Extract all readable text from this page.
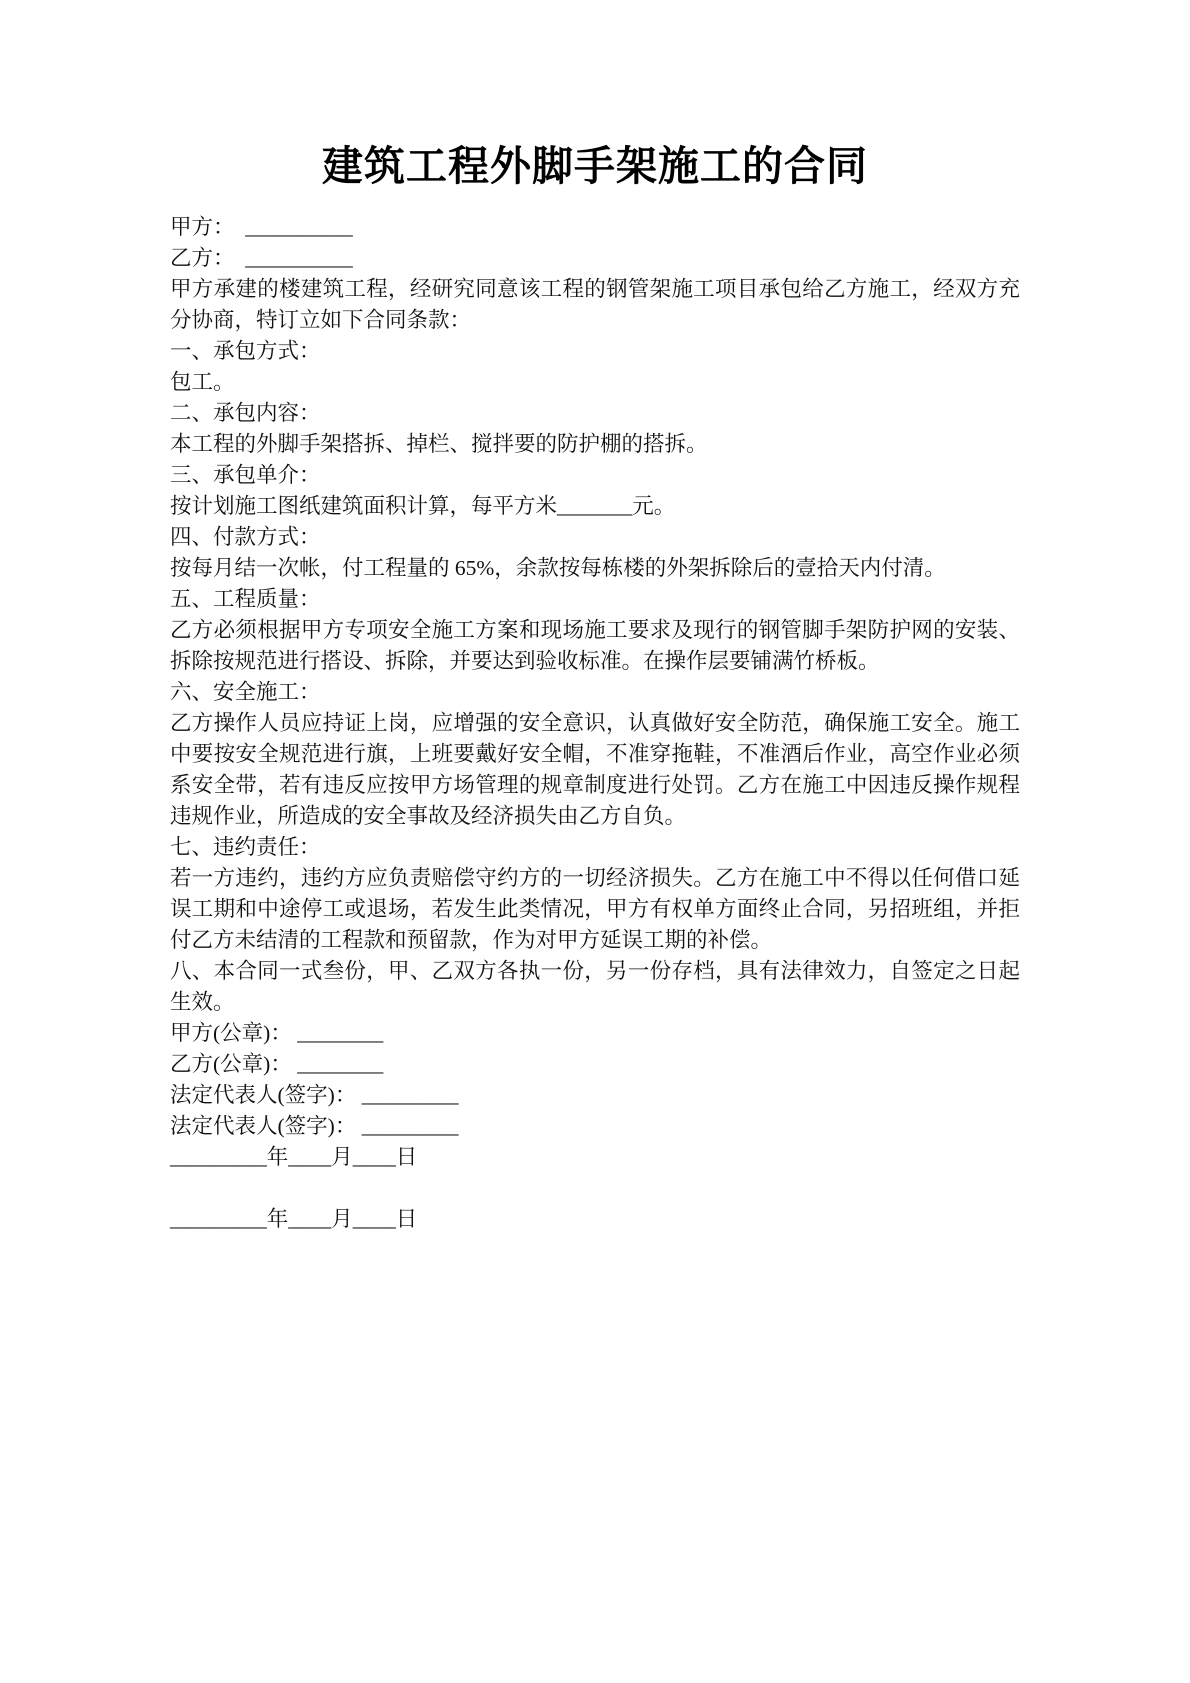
建筑工程外脚手架施工的合同

甲方：  __________

乙方：  __________

甲方承建的楼建筑工程，经研究同意该工程的钢管架施工项目承包给乙方施工，经双方充分协商，特订立如下合同条款：

一、承包方式：

包工。

二、承包内容：

本工程的外脚手架搭拆、掉栏、搅拌要的防护棚的搭拆。

三、承包单介：

按计划施工图纸建筑面积计算，每平方米_______元。

四、付款方式：

按每月结一次帐，付工程量的 65%，余款按每栋楼的外架拆除后的壹拾天内付清。

五、工程质量：

乙方必须根据甲方专项安全施工方案和现场施工要求及现行的钢管脚手架防护网的安装、拆除按规范进行搭设、拆除，并要达到验收标准。在操作层要铺满竹桥板。

六、安全施工：

乙方操作人员应持证上岗，应增强的安全意识，认真做好安全防范，确保施工安全。施工中要按安全规范进行旗，上班要戴好安全帽，不准穿拖鞋，不准酒后作业，高空作业必须系安全带，若有违反应按甲方场管理的规章制度进行处罚。乙方在施工中因违反操作规程违规作业，所造成的安全事故及经济损失由乙方自负。

七、违约责任：

若一方违约，违约方应负责赔偿守约方的一切经济损失。乙方在施工中不得以任何借口延误工期和中途停工或退场，若发生此类情况，甲方有权单方面终止合同，另招班组，并拒付乙方未结清的工程款和预留款，作为对甲方延误工期的补偿。

八、本合同一式叁份，甲、乙双方各执一份，另一份存档，具有法律效力，自签定之日起生效。

甲方(公章)： ________

乙方(公章)： ________

法定代表人(签字)： _________

法定代表人(签字)： _________

_________年____月____日

_________年____月____日
